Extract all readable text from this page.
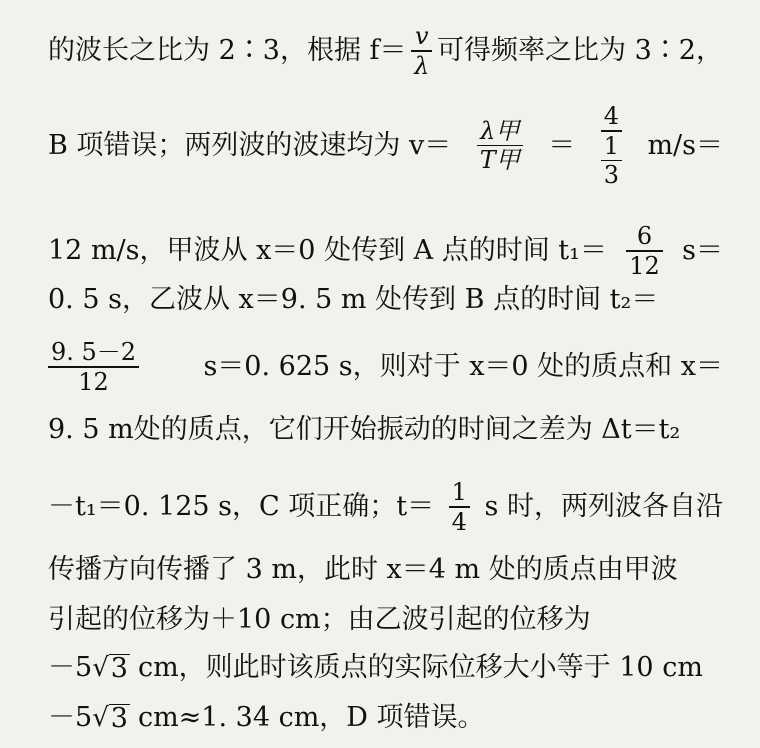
的波长之比为 2∶3，根据 $f= \frac{v}{\lambda}$ 可得频率之比为 3∶2，
B 项错误；两列波的波速均为 $v= \frac{\text{λ甲}}{\text{T甲}} = \frac{4}{\frac{1}{3}} m/s=$
12 m/s，甲波从 x＝0 处传到 A 点的时间 $t_1= \frac{6}{12} s=$
0. 5 s，乙波从 x＝9. 5 m 处传到 B 点的时间 t₂＝
$\frac{9. 5-2}{12} s=0$. 625 s，则对于 x＝0 处的质点和 x＝
9. 5 m处的质点，它们开始振动的时间之差为 Δt＝t₂
－t₁＝0. 125 s，C 项正确；$t= \frac{1}{4}$ s 时，两列波各自沿
传播方向传播了 3 m，此时 x＝4 m 处的质点由甲波
引起的位移为＋10 cm；由乙波引起的位移为
－5 √ 3 cm，则此时该质点的实际位移大小等于 10 cm
－5 √ 3 cm≈1. 34 cm，D 项错误。
